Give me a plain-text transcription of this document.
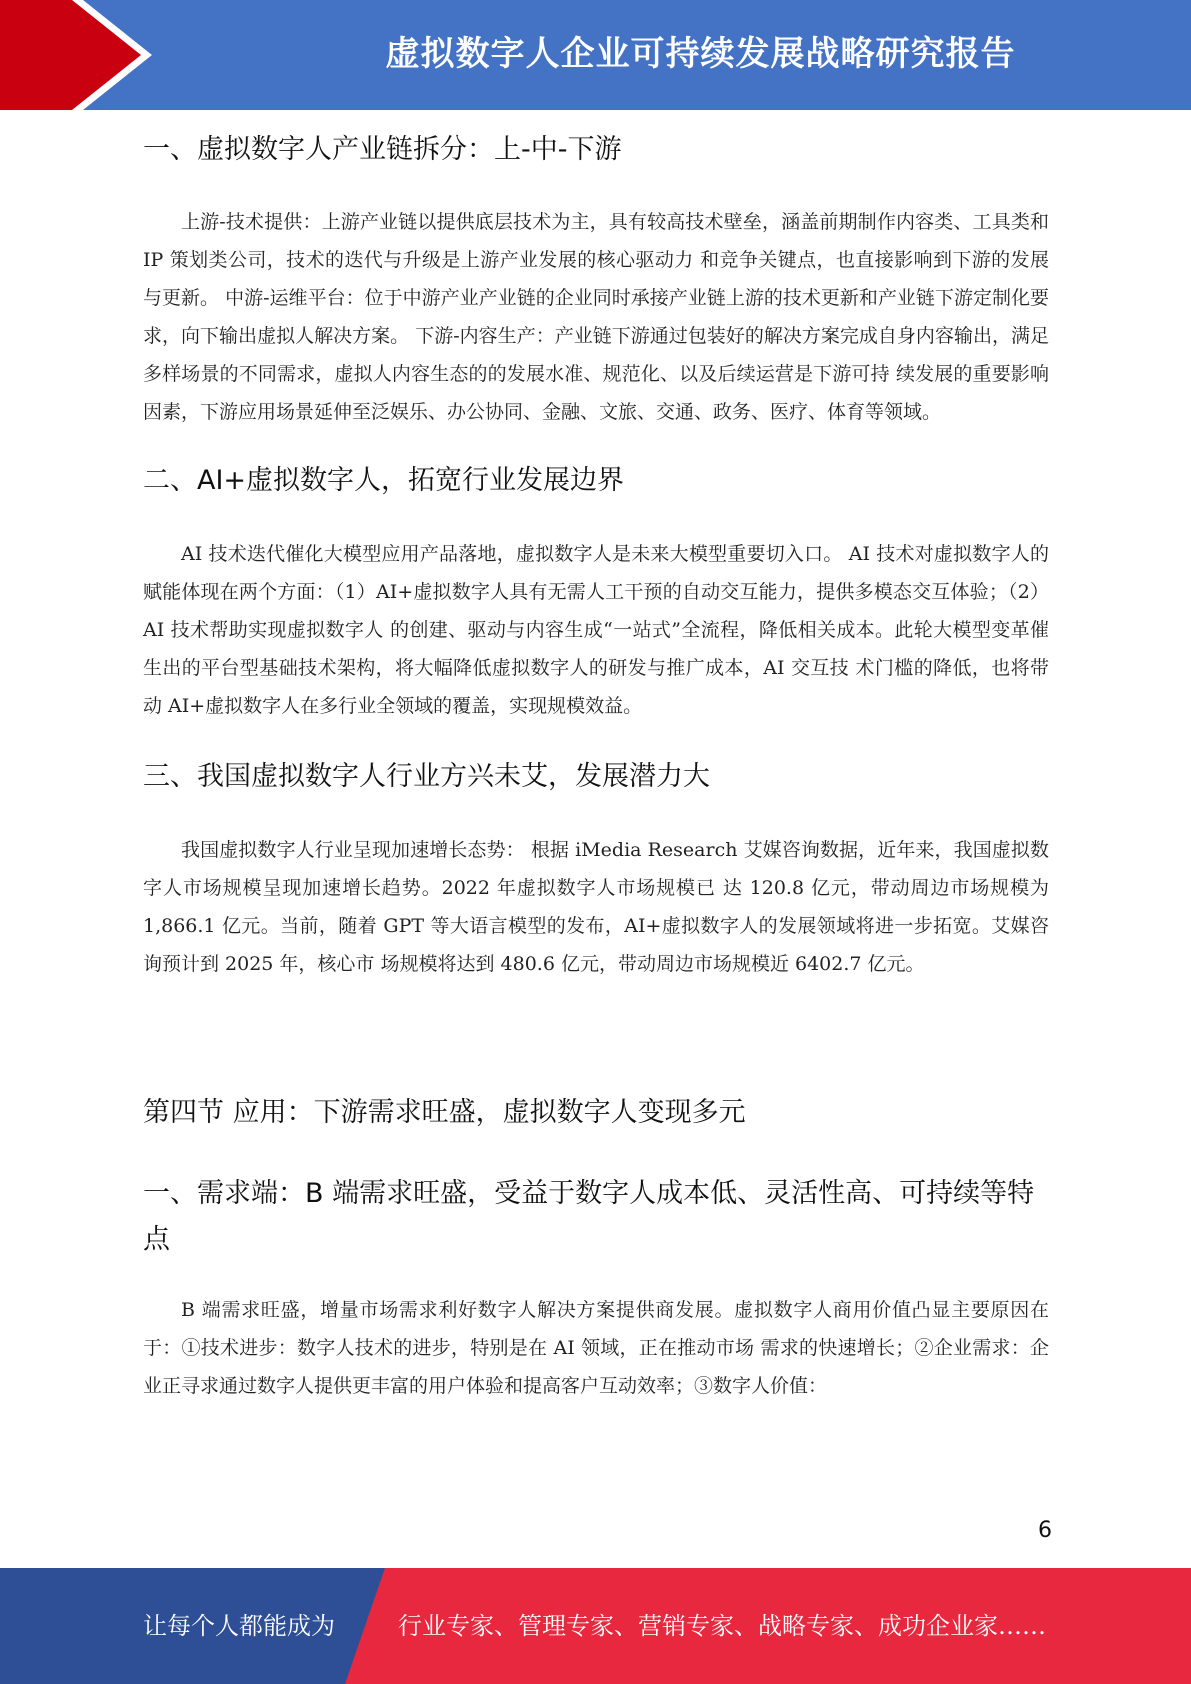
虚拟数字人企业可持续发展战略研究报告
一、虚拟数字人产业链拆分：上-中-下游

上游-技术提供：上游产业链以提供底层技术为主，具有较高技术壁垒，涵盖前期制作内容类、工具类和 IP 策划类公司，技术的迭代与升级是上游产业发展的核心驱动力 和竞争关键点，也直接影响到下游的发展与更新。 中游-运维平台：位于中游产业产业链的企业同时承接产业链上游的技术更新和产业链下游定制化要求，向下输出虚拟人解决方案。 下游-内容生产：产业链下游通过包装好的解决方案完成自身内容输出，满足多样场景的不同需求，虚拟人内容生态的的发展水准、规范化、以及后续运营是下游可持 续发展的重要影响因素，下游应用场景延伸至泛娱乐、办公协同、金融、文旅、交通、政务、医疗、体育等领域。

二、AI+虚拟数字人，拓宽行业发展边界

AI 技术迭代催化大模型应用产品落地，虚拟数字人是未来大模型重要切入口。 AI 技术对虚拟数字人的赋能体现在两个方面：（1）AI+虚拟数字人具有无需人工干预的自动交互能力，提供多模态交互体验；（2）AI 技术帮助实现虚拟数字人 的创建、驱动与内容生成“一站式”全流程，降低相关成本。此轮大模型变革催生出的平台型基础技术架构，将大幅降低虚拟数字人的研发与推广成本，AI 交互技 术门槛的降低，也将带动 AI+虚拟数字人在多行业全领域的覆盖，实现规模效益。

三、我国虚拟数字人行业方兴未艾，发展潜力大

我国虚拟数字人行业呈现加速增长态势： 根据 iMedia Research 艾媒咨询数据，近年来，我国虚拟数字人市场规模呈现加速增长趋势。2022 年虚拟数字人市场规模已 达 120.8 亿元，带动周边市场规模为 1,866.1 亿元。当前，随着 GPT 等大语言模型的发布，AI+虚拟数字人的发展领域将进一步拓宽。艾媒咨询预计到 2025 年，核心市 场规模将达到 480.6 亿元，带动周边市场规模近 6402.7 亿元。

第四节 应用：下游需求旺盛，虚拟数字人变现多元
一、需求端：B 端需求旺盛，受益于数字人成本低、灵活性高、可持续等特点

B 端需求旺盛，增量市场需求利好数字人解决方案提供商发展。虚拟数字人商用价值凸显主要原因在于：①技术进步：数字人技术的进步，特别是在 AI 领域，正在推动市场 需求的快速增长；②企业需求：企业正寻求通过数字人提供更丰富的用户体验和提高客户互动效率；③数字人价值：

6
让每个人都能成为	行业专家、管理专家、营销专家、战略专家、成功企业家……
